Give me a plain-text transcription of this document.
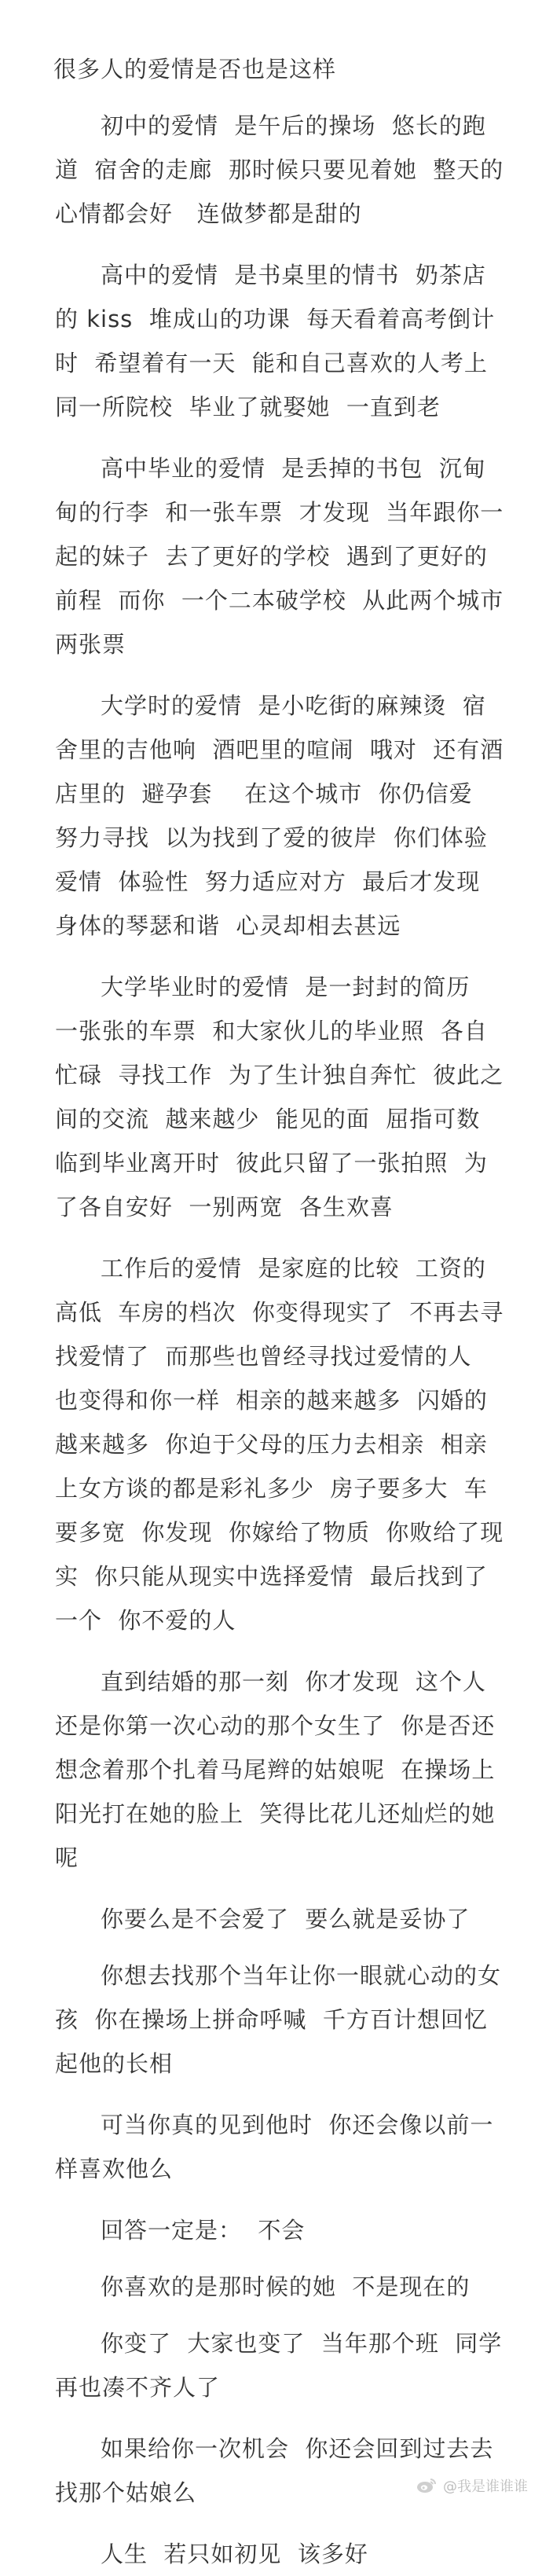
很多人的爱情是否也是这样
初中的爱情  是午后的操场  悠长的跑道  宿舍的走廊  那时候只要见着她  整天的心情都会好   连做梦都是甜的
高中的爱情  是书桌里的情书  奶茶店的 kiss  堆成山的功课  每天看着高考倒计时  希望着有一天  能和自己喜欢的人考上同一所院校  毕业了就娶她  一直到老
高中毕业的爱情  是丢掉的书包  沉甸甸的行李  和一张车票  才发现  当年跟你一起的妹子  去了更好的学校  遇到了更好的前程  而你  一个二本破学校  从此两个城市  两张票
大学时的爱情  是小吃街的麻辣烫  宿舍里的吉他响  酒吧里的喧闹  哦对  还有酒店里的  避孕套    在这个城市  你仍信爱  努力寻找  以为找到了爱的彼岸  你们体验爱情  体验性  努力适应对方  最后才发现  身体的琴瑟和谐  心灵却相去甚远
大学毕业时的爱情  是一封封的简历  一张张的车票  和大家伙儿的毕业照  各自忙碌  寻找工作  为了生计独自奔忙  彼此之间的交流  越来越少  能见的面  屈指可数  临到毕业离开时  彼此只留了一张拍照  为了各自安好  一别两宽  各生欢喜
工作后的爱情  是家庭的比较  工资的高低  车房的档次  你变得现实了  不再去寻找爱情了  而那些也曾经寻找过爱情的人  也变得和你一样  相亲的越来越多  闪婚的越来越多  你迫于父母的压力去相亲  相亲上女方谈的都是彩礼多少  房子要多大  车要多宽  你发现  你嫁给了物质  你败给了现实  你只能从现实中选择爱情  最后找到了一个  你不爱的人
直到结婚的那一刻  你才发现  这个人还是你第一次心动的那个女生了  你是否还想念着那个扎着马尾辫的姑娘呢  在操场上  阳光打在她的脸上  笑得比花儿还灿烂的她呢
你要么是不会爱了  要么就是妥协了
你想去找那个当年让你一眼就心动的女孩  你在操场上拼命呼喊  千方百计想回忆起他的长相
可当你真的见到他时  你还会像以前一样喜欢他么
回答一定是：  不会
你喜欢的是那时候的她  不是现在的
你变了  大家也变了  当年那个班  同学再也凑不齐人了
如果给你一次机会  你还会回到过去去找那个姑娘么
人生  若只如初见  该多好
@我是谁谁谁
